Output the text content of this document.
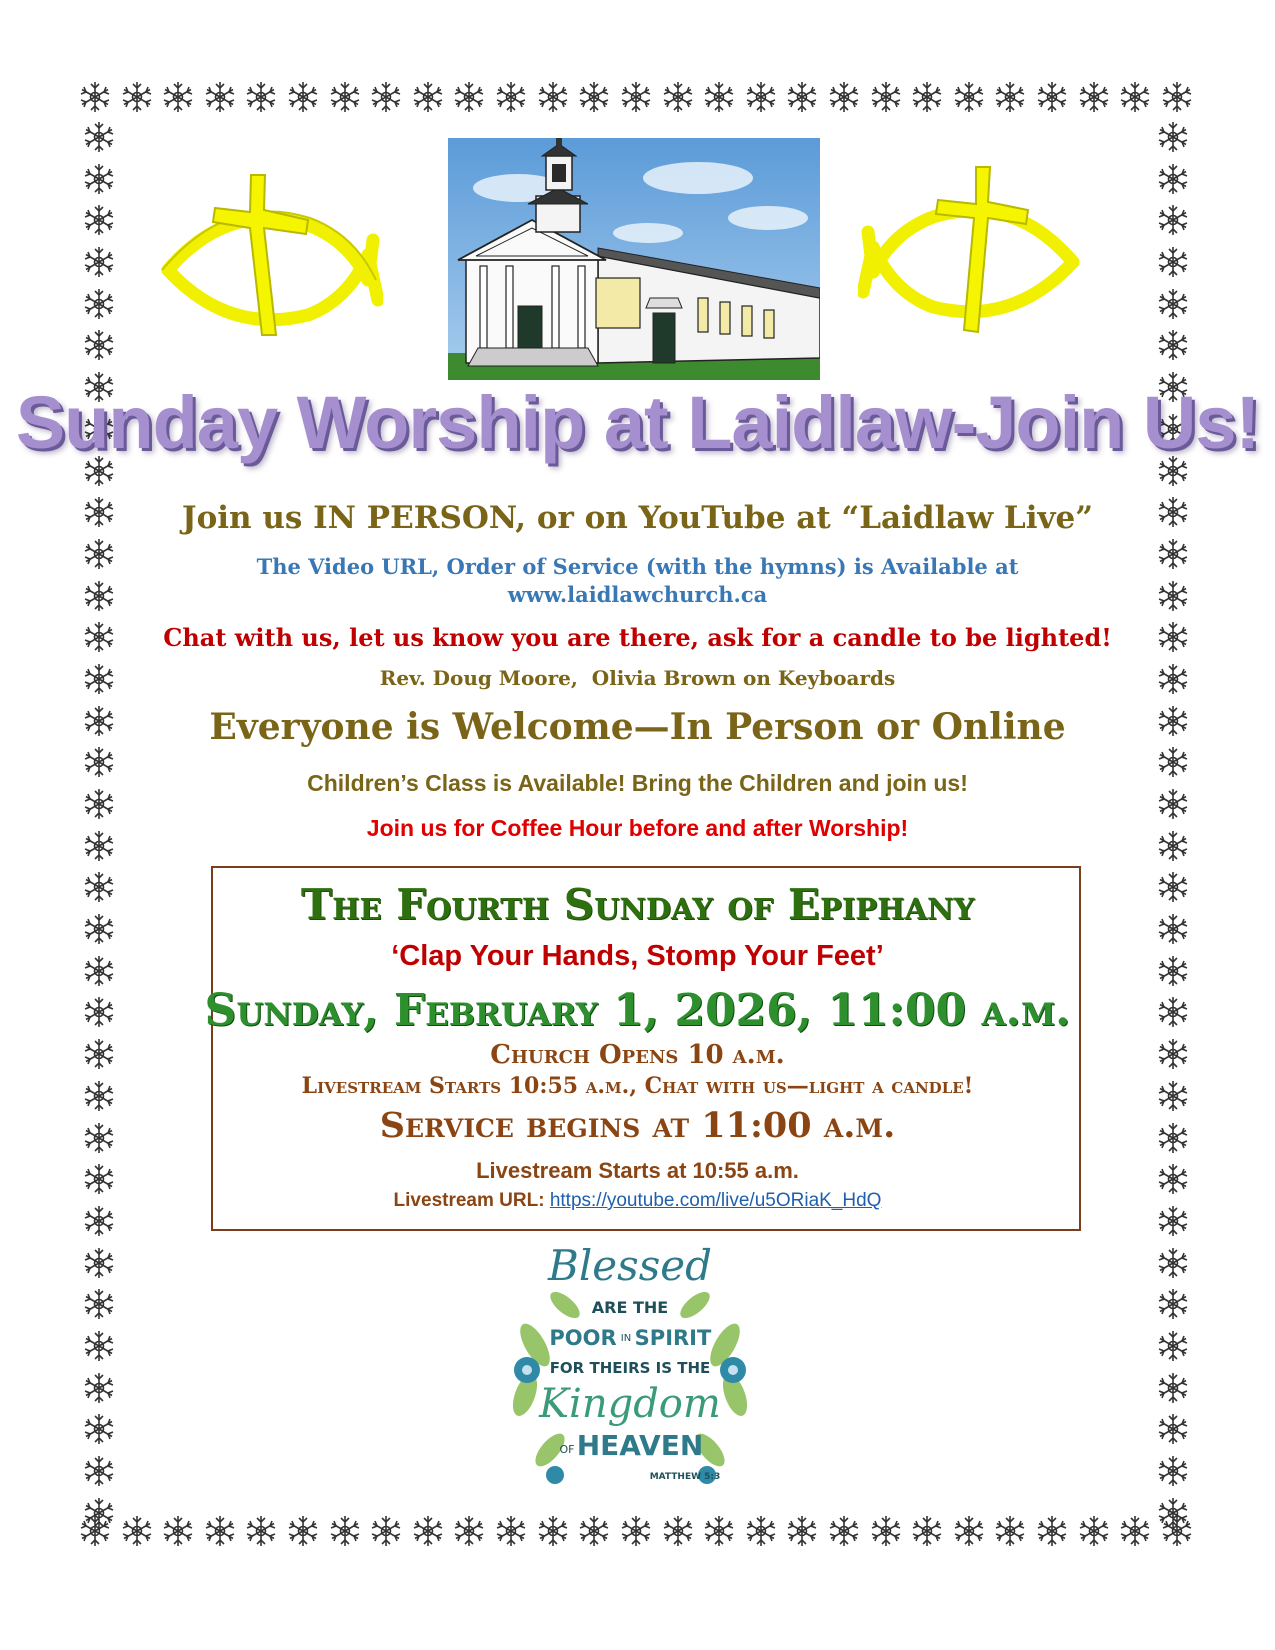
Sunday Worship at Laidlaw-Join Us!
Join us IN PERSON, or on YouTube at “Laidlaw Live”
The Video URL, Order of Service (with the hymns) is Available at
www.laidlawchurch.ca
Chat with us, let us know you are there, ask for a candle to be lighted!
Rev. Doug Moore,  Olivia Brown on Keyboards
Everyone is Welcome—In Person or Online
Children’s Class is Available! Bring the Children and join us!
Join us for Coffee Hour before and after Worship!
The Fourth Sunday of Epiphany
‘Clap Your Hands, Stomp Your Feet’
Sunday, February 1, 2026, 11:00 a.m.
Church Opens 10 a.m.
Livestream Starts 10:55 a.m., Chat with us—light a candle!
Service begins at 11:00 a.m.
Livestream Starts at 10:55 a.m.
Livestream URL: https://youtube.com/live/u5ORiaK_HdQ
Blessed
ARE THE
POOR IN SPIRIT
FOR THEIRS IS THE
Kingdom
OF HEAVEN
MATTHEW 5:3
